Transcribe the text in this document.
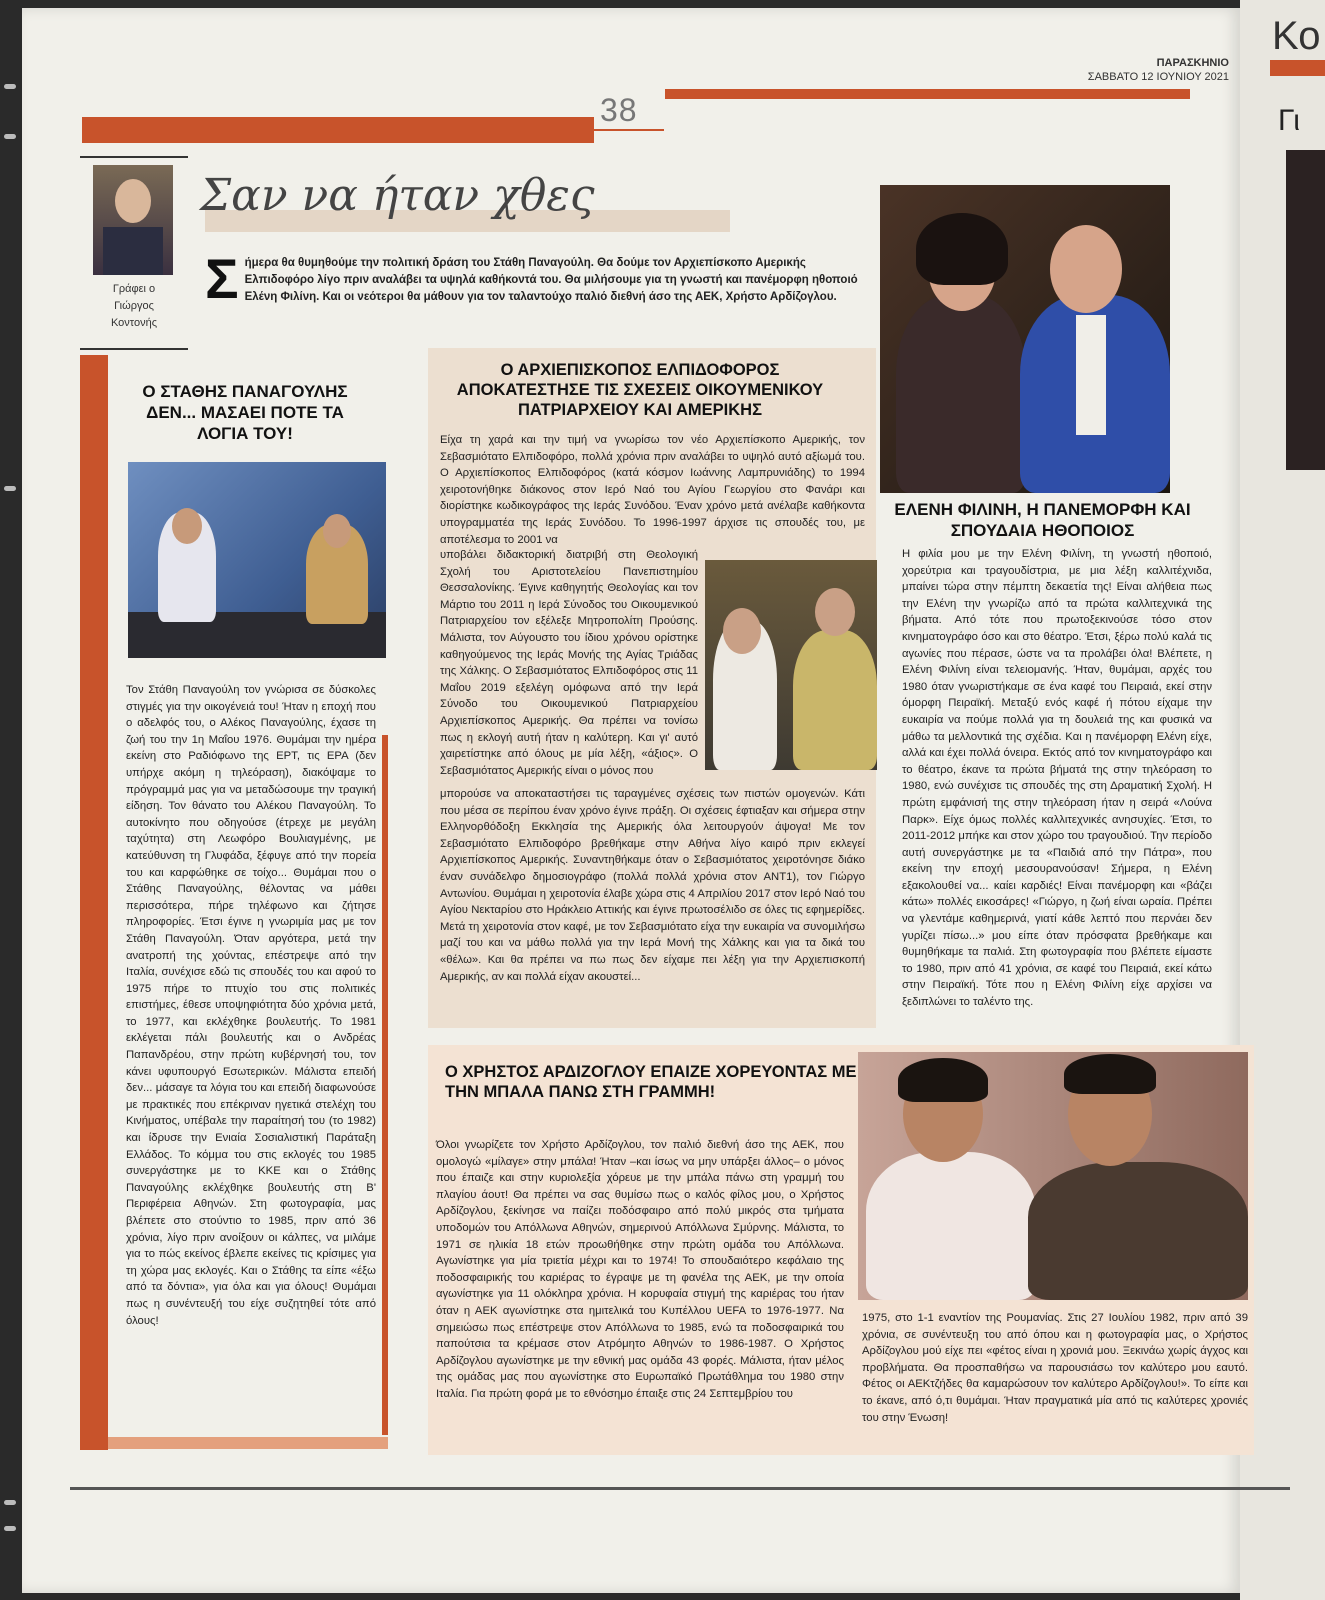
Κο
Γι
ΠΑΡΑΣΚΗΝΙΟ
ΣΑΒΒΑΤΟ 12 ΙΟΥΝΙΟΥ 2021
38
Σαν να ήταν χθες
Γράφει ο
Γιώργος
Κοντονής
Σήμερα θα θυμηθούμε την πολιτική δράση του Στάθη Παναγούλη. Θα δούμε τον Αρχιεπίσκοπο Αμερικής Ελπιδοφόρο λίγο πριν αναλάβει τα υψηλά καθήκοντά του. Θα μιλήσουμε για τη γνωστή και πανέμορφη ηθοποιό Ελένη Φιλίνη. Και οι νεότεροι θα μάθουν για τον ταλαντούχο παλιό διεθνή άσο της ΑΕΚ, Χρήστο Αρδίζογλου.
Ο ΣΤΑΘΗΣ ΠΑΝΑΓΟΥΛΗΣ ΔΕΝ... ΜΑΣΑΕΙ ΠΟΤΕ ΤΑ ΛΟΓΙΑ ΤΟΥ!
Τον Στάθη Παναγούλη τον γνώρισα σε δύσκολες στιγμές για την οικογένειά του! Ήταν η εποχή που ο αδελφός του, ο Αλέκος Παναγούλης, έχασε τη ζωή του την 1η Μαΐου 1976. Θυμάμαι την ημέρα εκείνη στο Ραδιόφωνο της ΕΡΤ, τις ΕΡΑ (δεν υπήρχε ακόμη η τηλεόραση), διακόψαμε το πρόγραμμά μας για να μεταδώσουμε την τραγική είδηση. Τον θάνατο του Αλέκου Παναγούλη. Το αυτοκίνητο που οδηγούσε (έτρεχε με μεγάλη ταχύτητα) στη Λεωφόρο Βουλιαγμένης, με κατεύθυνση τη Γλυφάδα, ξέφυγε από την πορεία του και καρφώθηκε σε τοίχο... Θυμάμαι που ο Στάθης Παναγούλης, θέλοντας να μάθει περισσότερα, πήρε τηλέφωνο και ζήτησε πληροφορίες. Έτσι έγινε η γνωριμία μας με τον Στάθη Παναγούλη. Όταν αργότερα, μετά την ανατροπή της χούντας, επέστρεψε από την Ιταλία, συνέχισε εδώ τις σπουδές του και αφού το 1975 πήρε το πτυχίο του στις πολιτικές επιστήμες, έθεσε υποψηφιότητα δύο χρόνια μετά, το 1977, και εκλέχθηκε βουλευτής. Το 1981 εκλέγεται πάλι βουλευτής και ο Ανδρέας Παπανδρέου, στην πρώτη κυβέρνησή του, τον κάνει υφυπουργό Εσωτερικών. Μάλιστα επειδή δεν... μάσαγε τα λόγια του και επειδή διαφωνούσε με πρακτικές που επέκριναν ηγετικά στελέχη του Κινήματος, υπέβαλε την παραίτησή του (το 1982) και ίδρυσε την Ενιαία Σοσιαλιστική Παράταξη Ελλάδος. Το κόμμα του στις εκλογές του 1985 συνεργάστηκε με το ΚΚΕ και ο Στάθης Παναγούλης εκλέχθηκε βουλευτής στη Β' Περιφέρεια Αθηνών. Στη φωτογραφία, μας βλέπετε στο στούντιο το 1985, πριν από 36 χρόνια, λίγο πριν ανοίξουν οι κάλπες, να μιλάμε για το πώς εκείνος έβλεπε εκείνες τις κρίσιμες για τη χώρα μας εκλογές. Και ο Στάθης τα είπε «έξω από τα δόντια», για όλα και για όλους! Θυμάμαι πως η συνέντευξή του είχε συζητηθεί τότε από όλους!
Ο ΑΡΧΙΕΠΙΣΚΟΠΟΣ ΕΛΠΙΔΟΦΟΡΟΣ ΑΠΟΚΑΤΕΣΤΗΣΕ ΤΙΣ ΣΧΕΣΕΙΣ ΟΙΚΟΥΜΕΝΙΚΟΥ ΠΑΤΡΙΑΡΧΕΙΟΥ ΚΑΙ ΑΜΕΡΙΚΗΣ
Είχα τη χαρά και την τιμή να γνωρίσω τον νέο Αρχιεπίσκοπο Αμερικής, τον Σεβασμιότατο Ελπιδοφόρο, πολλά χρόνια πριν αναλάβει το υψηλό αυτό αξίωμά του. Ο Αρχιεπίσκοπος Ελπιδοφόρος (κατά κόσμον Ιωάννης Λαμπρυνιάδης) το 1994 χειροτονήθηκε διάκονος στον Ιερό Ναό του Αγίου Γεωργίου στο Φανάρι και διορίστηκε κωδικογράφος της Ιεράς Συνόδου. Έναν χρόνο μετά ανέλαβε καθήκοντα υπογραμματέα της Ιεράς Συνόδου. Το 1996-1997 άρχισε τις σπουδές του, με αποτέλεσμα το 2001 να
υποβάλει διδακτορική διατριβή στη Θεολογική Σχολή του Αριστοτελείου Πανεπιστημίου Θεσσαλονίκης. Έγινε καθηγητής Θεολογίας και τον Μάρτιο του 2011 η Ιερά Σύνοδος του Οικουμενικού Πατριαρχείου τον εξέλεξε Μητροπολίτη Προύσης. Μάλιστα, τον Αύγουστο του ίδιου χρόνου ορίστηκε καθηγούμενος της Ιεράς Μονής της Αγίας Τριάδας της Χάλκης. Ο Σεβασμιότατος Ελπιδοφόρος στις 11 Μαΐου 2019 εξελέγη ομόφωνα από την Ιερά Σύνοδο του Οικουμενικού Πατριαρχείου Αρχιεπίσκοπος Αμερικής. Θα πρέπει να τονίσω πως η εκλογή αυτή ήταν η καλύτερη. Και γι' αυτό χαιρετίστηκε από όλους με μία λέξη, «άξιος». Ο Σεβασμιότατος Αμερικής είναι ο μόνος που
μπορούσε να αποκαταστήσει τις ταραγμένες σχέσεις των πιστών ομογενών. Κάτι που μέσα σε περίπου έναν χρόνο έγινε πράξη. Οι σχέσεις έφτιαξαν και σήμερα στην Ελληνορθόδοξη Εκκλησία της Αμερικής όλα λειτουργούν άψογα! Με τον Σεβασμιότατο Ελπιδοφόρο βρεθήκαμε στην Αθήνα λίγο καιρό πριν εκλεγεί Αρχιεπίσκοπος Αμερικής. Συναντηθήκαμε όταν ο Σεβασμιότατος χειροτόνησε διάκο έναν συνάδελφο δημοσιογράφο (πολλά πολλά χρόνια στον ΑΝΤ1), τον Γιώργο Αντωνίου. Θυμάμαι η χειροτονία έλαβε χώρα στις 4 Απριλίου 2017 στον Ιερό Ναό του Αγίου Νεκταρίου στο Ηράκλειο Αττικής και έγινε πρωτοσέλιδο σε όλες τις εφημερίδες. Μετά τη χειροτονία στον καφέ, με τον Σεβασμιότατο είχα την ευκαιρία να συνομιλήσω μαζί του και να μάθω πολλά για την Ιερά Μονή της Χάλκης και για τα δικά του «θέλω». Και θα πρέπει να πω πως δεν είχαμε πει λέξη για την Αρχιεπισκοπή Αμερικής, αν και πολλά είχαν ακουστεί...
ΕΛΕΝΗ ΦΙΛΙΝΗ, Η ΠΑΝΕΜΟΡΦΗ ΚΑΙ ΣΠΟΥΔΑΙΑ ΗΘΟΠΟΙΟΣ
Η φιλία μου με την Ελένη Φιλίνη, τη γνωστή ηθοποιό, χορεύτρια και τραγουδίστρια, με μια λέξη καλλιτέχνιδα, μπαίνει τώρα στην πέμπτη δεκαετία της! Είναι αλήθεια πως την Ελένη την γνωρίζω από τα πρώτα καλλιτεχνικά της βήματα. Από τότε που πρωτοξεκινούσε τόσο στον κινηματογράφο όσο και στο θέατρο. Έτσι, ξέρω πολύ καλά τις αγωνίες που πέρασε, ώστε να τα προλάβει όλα! Βλέπετε, η Ελένη Φιλίνη είναι τελειομανής. Ήταν, θυμάμαι, αρχές του 1980 όταν γνωριστήκαμε σε ένα καφέ του Πειραιά, εκεί στην όμορφη Πειραϊκή. Μεταξύ ενός καφέ ή πότου είχαμε την ευκαιρία να πούμε πολλά για τη δουλειά της και φυσικά να μάθω τα μελλοντικά της σχέδια. Και η πανέμορφη Ελένη είχε, αλλά και έχει πολλά όνειρα. Εκτός από τον κινηματογράφο και το θέατρο, έκανε τα πρώτα βήματά της στην τηλεόραση το 1980, ενώ συνέχισε τις σπουδές της στη Δραματική Σχολή. Η πρώτη εμφάνισή της στην τηλεόραση ήταν η σειρά «Λούνα Παρκ». Είχε όμως πολλές καλλιτεχνικές ανησυχίες. Έτσι, το 2011-2012 μπήκε και στον χώρο του τραγουδιού. Την περίοδο αυτή συνεργάστηκε με τα «Παιδιά από την Πάτρα», που εκείνη την εποχή μεσουρανούσαν! Σήμερα, η Ελένη εξακολουθεί να... καίει καρδιές! Είναι πανέμορφη και «βάζει κάτω» πολλές εικοσάρες! «Γιώργο, η ζωή είναι ωραία. Πρέπει να γλεντάμε καθημερινά, γιατί κάθε λεπτό που περνάει δεν γυρίζει πίσω...» μου είπε όταν πρόσφατα βρεθήκαμε και θυμηθήκαμε τα παλιά. Στη φωτογραφία που βλέπετε είμαστε το 1980, πριν από 41 χρόνια, σε καφέ του Πειραιά, εκεί κάτω στην Πειραϊκή. Τότε που η Ελένη Φιλίνη είχε αρχίσει να ξεδιπλώνει το ταλέντο της.
Ο ΧΡΗΣΤΟΣ ΑΡΔΙΖΟΓΛΟΥ ΕΠΑΙΖΕ ΧΟΡΕΥΟΝΤΑΣ ΜΕ ΤΗΝ ΜΠΑΛΑ ΠΑΝΩ ΣΤΗ ΓΡΑΜΜΗ!
Όλοι γνωρίζετε τον Χρήστο Αρδίζογλου, τον παλιό διεθνή άσο της ΑΕΚ, που ομολογώ «μίλαγε» στην μπάλα! Ήταν –και ίσως να μην υπάρξει άλλος– ο μόνος που έπαιζε και στην κυριολεξία χόρευε με την μπάλα πάνω στη γραμμή του πλαγίου άουτ! Θα πρέπει να σας θυμίσω πως ο καλός φίλος μου, ο Χρήστος Αρδίζογλου, ξεκίνησε να παίζει ποδόσφαιρο από πολύ μικρός στα τμήματα υποδομών του Απόλλωνα Αθηνών, σημερινού Απόλλωνα Σμύρνης. Μάλιστα, το 1971 σε ηλικία 18 ετών προωθήθηκε στην πρώτη ομάδα του Απόλλωνα. Αγωνίστηκε για μία τριετία μέχρι και το 1974! Το σπουδαιότερο κεφάλαιο της ποδοσφαιρικής του καριέρας το έγραψε με τη φανέλα της ΑΕΚ, με την οποία αγωνίστηκε για 11 ολόκληρα χρόνια. Η κορυφαία στιγμή της καριέρας του ήταν όταν η ΑΕΚ αγωνίστηκε στα ημιτελικά του Κυπέλλου UEFA το 1976-1977. Να σημειώσω πως επέστρεψε στον Απόλλωνα το 1985, ενώ τα ποδοσφαιρικά του παπούτσια τα κρέμασε στον Ατρόμητο Αθηνών το 1986-1987. Ο Χρήστος Αρδίζογλου αγωνίστηκε με την εθνική μας ομάδα 43 φορές. Μάλιστα, ήταν μέλος της ομάδας μας που αγωνίστηκε στο Ευρωπαϊκό Πρωτάθλημα του 1980 στην Ιταλία. Για πρώτη φορά με το εθνόσημο έπαιξε στις 24 Σεπτεμβρίου του
1975, στο 1-1 εναντίον της Ρουμανίας. Στις 27 Ιουλίου 1982, πριν από 39 χρόνια, σε συνέντευξη του από όπου και η φωτογραφία μας, ο Χρήστος Αρδίζογλου μού είχε πει «φέτος είναι η χρονιά μου. Ξεκινάω χωρίς άγχος και προβλήματα. Θα προσπαθήσω να παρουσιάσω τον καλύτερο μου εαυτό. Φέτος οι ΑΕΚτζήδες θα καμαρώσουν τον καλύτερο Αρδίζογλου!». Το είπε και το έκανε, από ό,τι θυμάμαι. Ήταν πραγματικά μία από τις καλύτερες χρονιές του στην Ένωση!
